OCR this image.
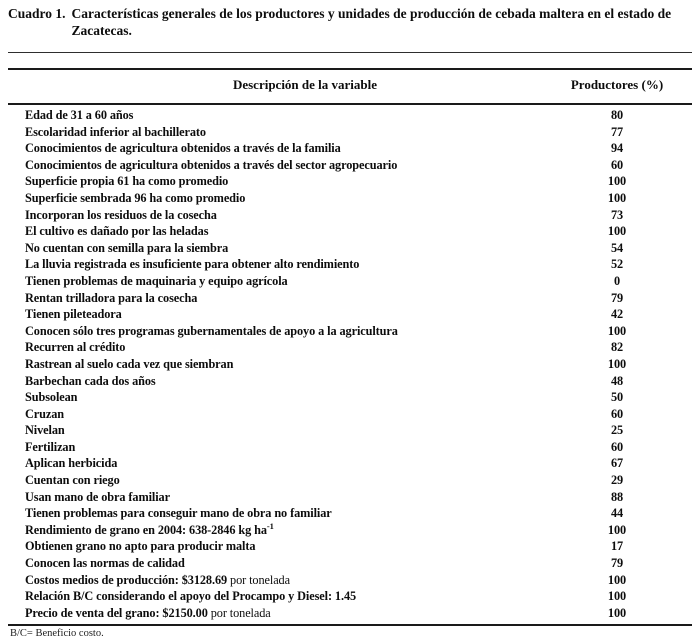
Cuadro 1. Características generales de los productores y unidades de producción de cebada maltera en el estado de Zacatecas.
Descripción de la variable	Productores (%)
Edad de 31 a 60 años	80
Escolaridad inferior al bachillerato	77
Conocimientos de agricultura obtenidos a través de la familia	94
Conocimientos de agricultura obtenidos a través del sector agropecuario	60
Superficie propia 61 ha como promedio	100
Superficie sembrada 96 ha como promedio	100
Incorporan los residuos de la cosecha	73
El cultivo es dañado por las heladas	100
No cuentan con semilla para la siembra	54
La lluvia registrada es insuficiente para obtener alto rendimiento	52
Tienen problemas de maquinaria y equipo agrícola	0
Rentan trilladora para la cosecha	79
Tienen pileteadora	42
Conocen sólo tres programas gubernamentales de apoyo a la agricultura	100
Recurren al crédito	82
Rastrean al suelo cada vez que siembran	100
Barbechan cada dos años	48
Subsolean	50
Cruzan	60
Nivelan	25
Fertilizan	60
Aplican herbicida	67
Cuentan con riego	29
Usan mano de obra familiar	88
Tienen problemas para conseguir mano de obra no familiar	44
Rendimiento de grano en 2004: 638-2846 kg $ha^{-1}$	100
Obtienen grano no apto para producir malta	17
Conocen las normas de calidad	79
Costos medios de producción: $3128.69 por tonelada	100
Relación B/C considerando el apoyo del Procampo y Diesel: 1.45	100
Precio de venta del grano: $2150.00 por tonelada	100
B/C= Beneficio costo.
